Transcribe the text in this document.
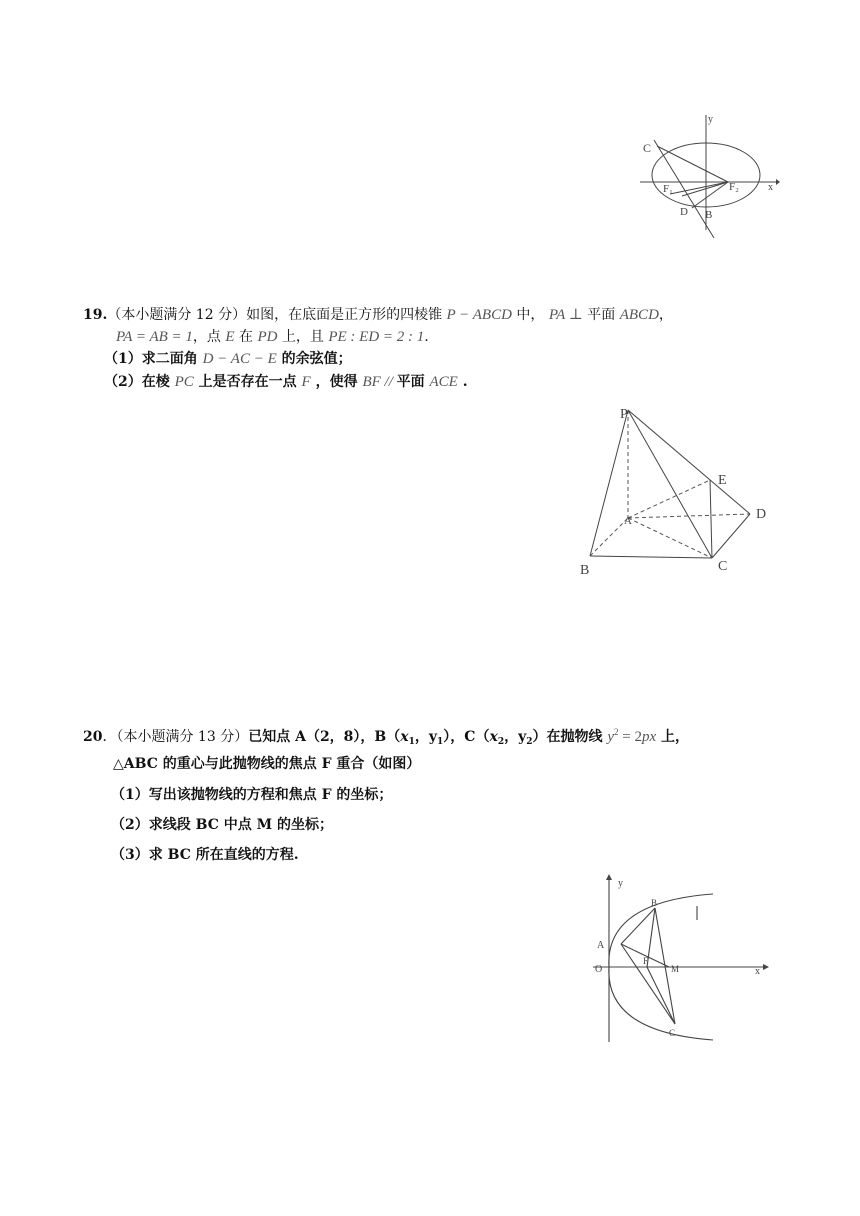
y
C
F₁	F₂	x
D B
19.（本小题满分 12 分）如图，在底面是正方形的四棱锥 P − ABCD 中， PA ⊥ 平面 ABCD，
PA = AB = 1，点 E 在 PD 上，且 PE : ED = 2 : 1.
（1）求二面角 D − AC − E 的余弦值；
（2）在棱 PC 上是否存在一点 F ，使得 BF // 平面 ACE .
P
E
A	D
B	C
20．（本小题满分 13 分）已知点 A（2，8），$B(x_1$，$y_1$），$C(x_2$，$y_2$）在抛物线 $y^2 = 2px$ 上，
△ABC 的重心与此抛物线的焦点 F 重合（如图）
（1）写出该抛物线的方程和焦点 F 的坐标；
（2）求线段 BC 中点 M 的坐标；
（3）求 BC 所在直线的方程.
y
B
A
O
F
M	x
C
